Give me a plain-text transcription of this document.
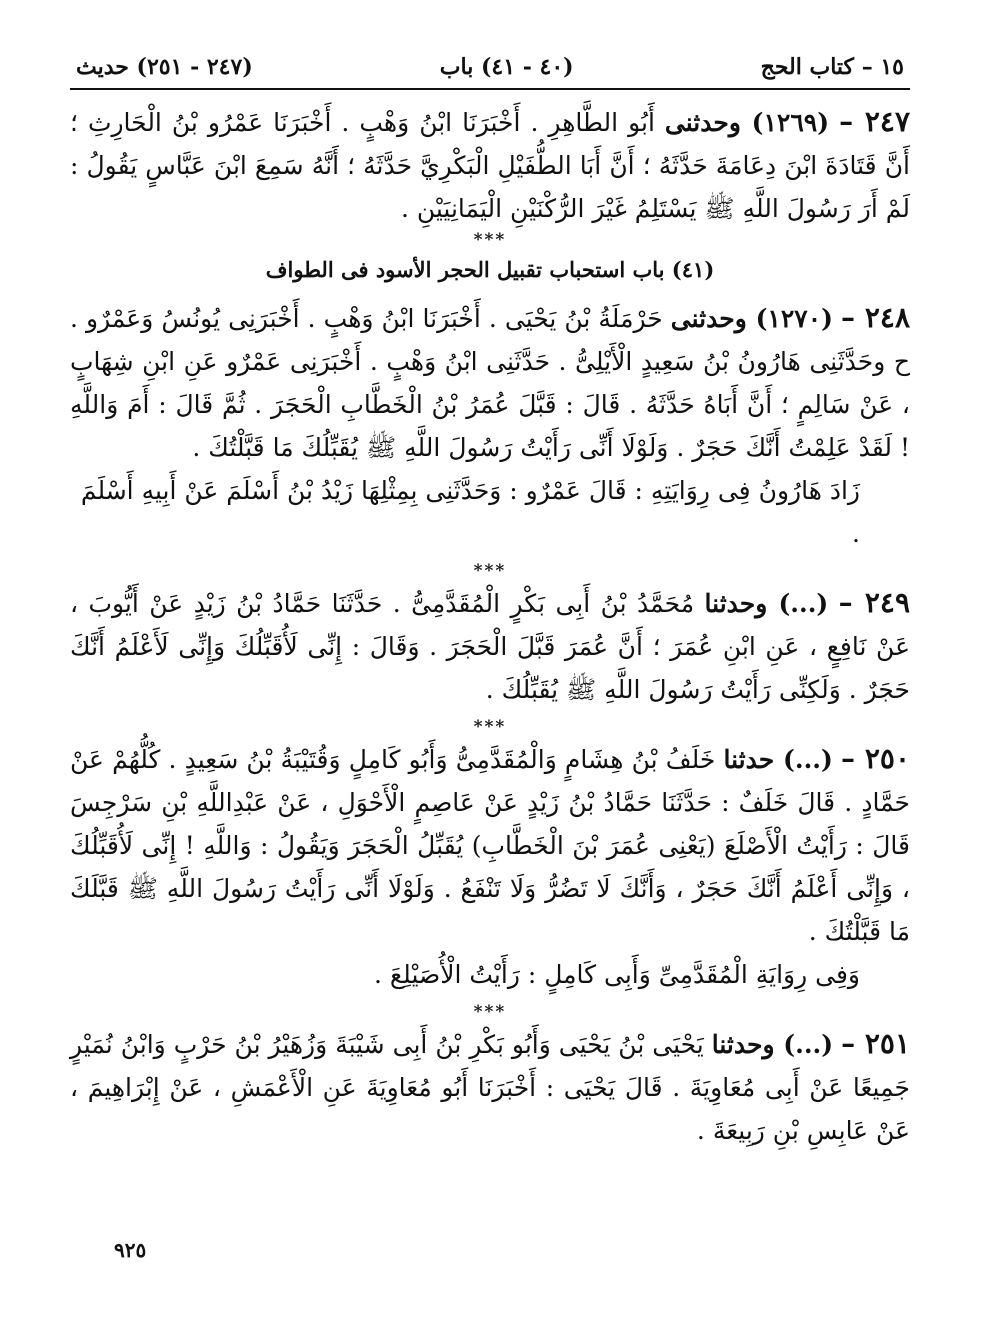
١٥ – كتاب الحج
(٤٠ - ٤١) باب
(٢٤٧ - ٢٥١) حديث

٢٤٧ – (١٢٦٩) وحدثنى أَبُو الطَّاهِرِ . أَخْبَرَنَا ابْنُ وَهْبٍ . أَخْبَرَنَا عَمْرُو بْنُ الْحَارِثِ ؛ أَنَّ قَتَادَةَ ابْنَ دِعَامَةَ حَدَّثَهُ ؛ أَنَّ أَبَا الطُّفَيْلِ الْبَكْرِيَّ حَدَّثَهُ ؛ أَنَّهُ سَمِعَ ابْنَ عَبَّاسٍ يَقُولُ : لَمْ أَرَ رَسُولَ اللَّهِ ﷺ يَسْتَلِمُ غَيْرَ الرُّكْنَيْنِ الْيَمَانِيَيْنِ .

***
(٤١) باب استحباب تقبيل الحجر الأسود فى الطواف

٢٤٨ – (١٢٧٠) وحدثنى حَرْمَلَةُ بْنُ يَحْيَى . أَخْبَرَنَا ابْنُ وَهْبٍ . أَخْبَرَنِى يُونُسُ وَعَمْرٌو . ح وحَدَّثَنِى هَارُونُ بْنُ سَعِيدٍ الْأَيْلِىُّ . حَدَّثَنِى ابْنُ وَهْبٍ . أَخْبَرَنِى عَمْرٌو عَنِ ابْنِ شِهَابٍ ، عَنْ سَالِمٍ ؛ أَنَّ أَبَاهُ حَدَّثَهُ . قَالَ : قَبَّلَ عُمَرُ بْنُ الْخَطَّابِ الْحَجَرَ . ثُمَّ قَالَ : أَمَ وَاللَّهِ ! لَقَدْ عَلِمْتُ أَنَّكَ حَجَرٌ . وَلَوْلَا أَنِّى رَأَيْتُ رَسُولَ اللَّهِ ﷺ يُقَبِّلُكَ مَا قَبَّلْتُكَ .

زَادَ هَارُونُ فِى رِوَايَتِهِ : قَالَ عَمْرٌو : وَحَدَّثَنِى بِمِثْلِهَا زَيْدُ بْنُ أَسْلَمَ عَنْ أَبِيهِ أَسْلَمَ .

***

٢٤٩ – (...) وحدثنا مُحَمَّدُ بْنُ أَبِى بَكْرٍ الْمُقَدَّمِىُّ . حَدَّثَنَا حَمَّادُ بْنُ زَيْدٍ عَنْ أَيُّوبَ ، عَنْ نَافِعٍ ، عَنِ ابْنِ عُمَرَ ؛ أَنَّ عُمَرَ قَبَّلَ الْحَجَرَ . وَقَالَ : إِنِّى لَأُقَبِّلُكَ وَإِنِّى لَأَعْلَمُ أَنَّكَ حَجَرٌ . وَلَكِنِّى رَأَيْتُ رَسُولَ اللَّهِ ﷺ يُقَبِّلُكَ .

***

٢٥٠ – (...) حدثنا خَلَفُ بْنُ هِشَامٍ وَالْمُقَدَّمِىُّ وَأَبُو كَامِلٍ وَقُتَيْبَةُ بْنُ سَعِيدٍ . كُلُّهُمْ عَنْ حَمَّادٍ . قَالَ خَلَفٌ : حَدَّثَنَا حَمَّادُ بْنُ زَيْدٍ عَنْ عَاصِمٍ الْأَحْوَلِ ، عَنْ عَبْدِاللَّهِ بْنِ سَرْجِسَ قَالَ : رَأَيْتُ الْأَصْلَعَ (يَعْنِى عُمَرَ بْنَ الْخَطَّابِ) يُقَبِّلُ الْحَجَرَ وَيَقُولُ : وَاللَّهِ ! إِنِّى لَأُقَبِّلُكَ ، وَإِنِّى أَعْلَمُ أَنَّكَ حَجَرٌ ، وَأَنَّكَ لَا تَضُرُّ وَلَا تَنْفَعُ . وَلَوْلَا أَنِّى رَأَيْتُ رَسُولَ اللَّهِ ﷺ قَبَّلَكَ مَا قَبَّلْتُكَ .

وَفِى رِوَايَةِ الْمُقَدَّمِىِّ وَأَبِى كَامِلٍ : رَأَيْتُ الْأُصَيْلِعَ .

***

٢٥١ – (...) وحدثنا يَحْيَى بْنُ يَحْيَى وَأَبُو بَكْرِ بْنُ أَبِى شَيْبَةَ وَزُهَيْرُ بْنُ حَرْبٍ وَابْنُ نُمَيْرٍ جَمِيعًا عَنْ أَبِى مُعَاوِيَةَ . قَالَ يَحْيَى : أَخْبَرَنَا أَبُو مُعَاوِيَةَ عَنِ الْأَعْمَشِ ، عَنْ إِبْرَاهِيمَ ، عَنْ عَابِسِ بْنِ رَبِيعَةَ .

٩٢٥
